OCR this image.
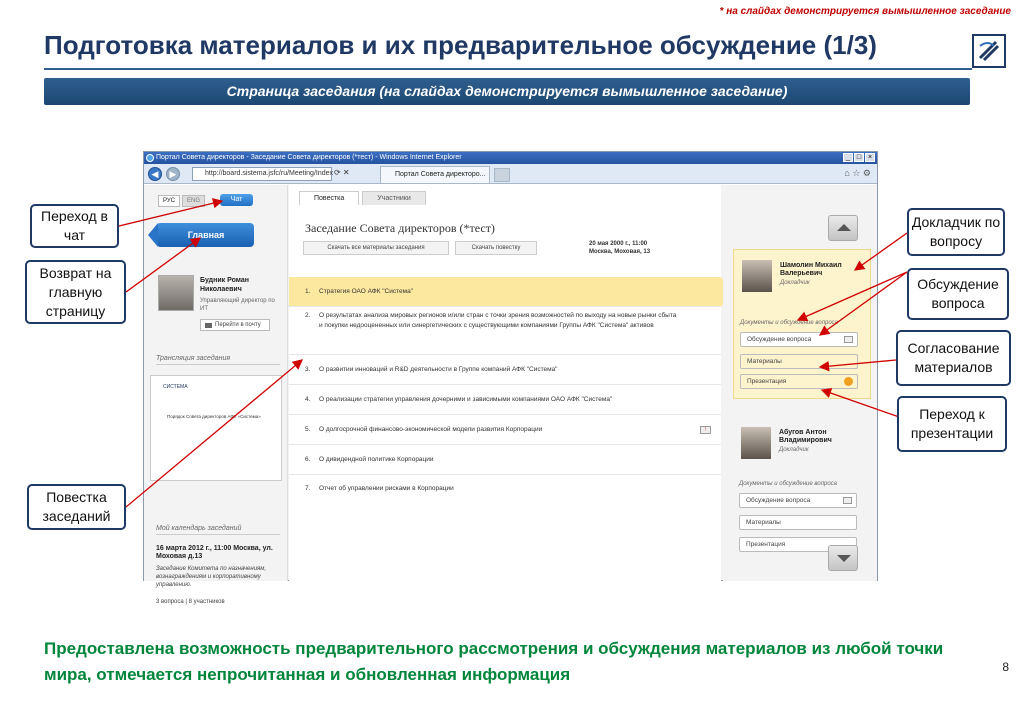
* на слайдах демонстрируется вымышленное заседание
Подготовка материалов и их предварительное обсуждение (1/3)
Страница заседания (на слайдах демонстрируется вымышленное заседание)
Портал Совета директоров - Заседание Совета директоров (*тест) - Windows Internet Explorer	_ □ ×
◀	▶	http://board.sistema.jsfc/ru/Meeting/Index ⟳ ✕	Портал Совета директоро...	⌂ ☆ ⚙
РУС	ENG	Чат
Главная
Будник Роман Николаевич
Управляющий директор по ИТ
Перейти в почту
Трансляция заседания
СИСТЕМА
Порядок Совета директоров АФК «Система»
Мой календарь заседаний
16 марта 2012 г., 11:00 Москва, ул. Моховая д.13
Заседание Комитета по назначениям, вознаграждениям и корпоративному управлению.
3 вопроса | 8 участников
Повестка	Участники
Заседание Совета директоров (*тест)
Скачать все материалы заседания	Скачать повестку
20 мая 2000 г., 11:00
Москва, Моховая, 13
1. Стратегия ОАО АФК "Система"
2. О результатах анализа мировых регионов и/или стран с точки зрения возможностей по выходу на новые рынки сбыта и покупки недооцененных или синергетических с существующими компаниями Группы АФК "Система" активов
3. О развитии инноваций и R&D деятельности в Группе компаний АФК "Система"
4. О реализации стратегии управления дочерними и зависимыми компаниями ОАО АФК "Система"
5. О долгосрочной финансово-экономической модели развития Корпорации	!
6. О дивидендной политике Корпорации
7. Отчет об управлении рисками в Корпорации
Шамолин Михаил Валерьевич
Докладчик
Документы и обсуждение вопроса
Обсуждение вопроса
Материалы
Презентация
Абугов Антон Владимирович
Докладчик
Документы и обсуждение вопроса
Обсуждение вопроса
Материалы
Презентация
Переход в чат
Возврат на главную страницу
Повестка заседаний
Докладчик по вопросу
Обсуждение вопроса
Согласование материалов
Переход к презентации
Предоставлена возможность предварительного рассмотрения и обсуждения материалов из любой точки мира, отмечается непрочитанная и обновленная информация	8
